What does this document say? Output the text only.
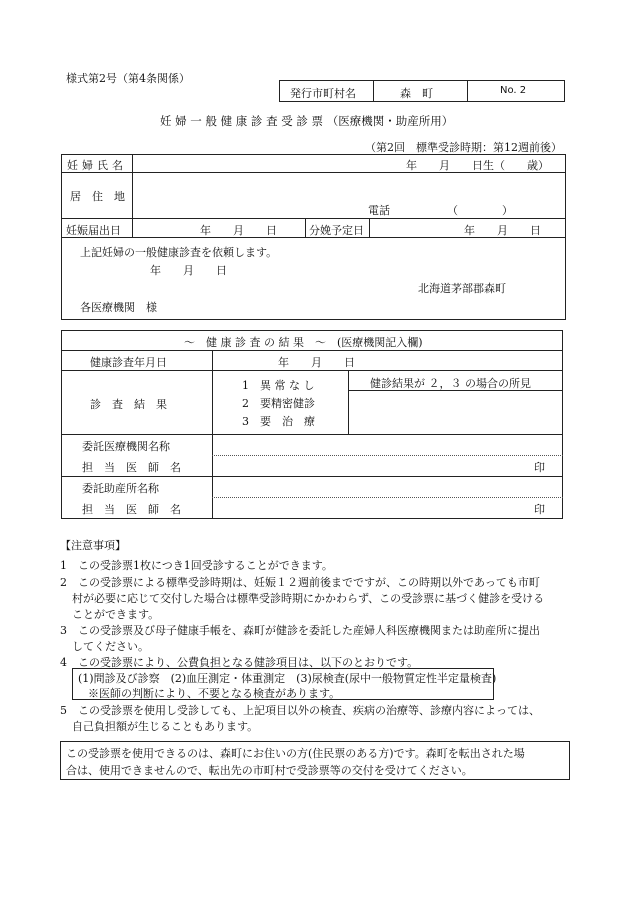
様式第2号（第4条関係）
発行市町村名	森　町	No. 2
妊 婦 一 般 健 康 診 査 受 診 票 （医療機関・助産所用）
（第2回　標準受診時期：第12週前後）
妊婦氏名	年　　月　　日生（　　歳）
居　住　地
電話	（　　　　）
妊娠届出日	年　　月　　日	分娩予定日	年　　月　　日
上記妊婦の一般健康診査を依頼します。
年　　月　　日
北海道茅部郡森町
各医療機関　様
～　健 康 診 査 の 結 果　～　(医療機関記入欄)
健康診査年月日	年　　月　　日
診　査　結　果
1　異 常 な し
2　要精密健診
3　要　治　療
健診結果が ２，３ の場合の所見
委託医療機関名称
担　当　医　師　名	印
委託助産所名称
担　当　医　師　名	印
【注意事項】
1　この受診票1枚につき1回受診することができます。
2　この受診票による標準受診時期は、妊娠１２週前後までですが、この時期以外であっても市町
村が必要に応じて交付した場合は標準受診時期にかかわらず、この受診票に基づく健診を受ける
ことができます。
3　この受診票及び母子健康手帳を、森町が健診を委託した産婦人科医療機関または助産所に提出
してください。
4　この受診票により、公費負担となる健診項目は、以下のとおりです。
(1)問診及び診察　(2)血圧測定・体重測定　(3)尿検査(尿中一般物質定性半定量検査)
※医師の判断により、不要となる検査があります。
5　この受診票を使用し受診しても、上記項目以外の検査、疾病の治療等、診療内容によっては、
自己負担額が生じることもあります。
この受診票を使用できるのは、森町にお住いの方(住民票のある方)です。森町を転出された場
合は、使用できませんので、転出先の市町村で受診票等の交付を受けてください。
